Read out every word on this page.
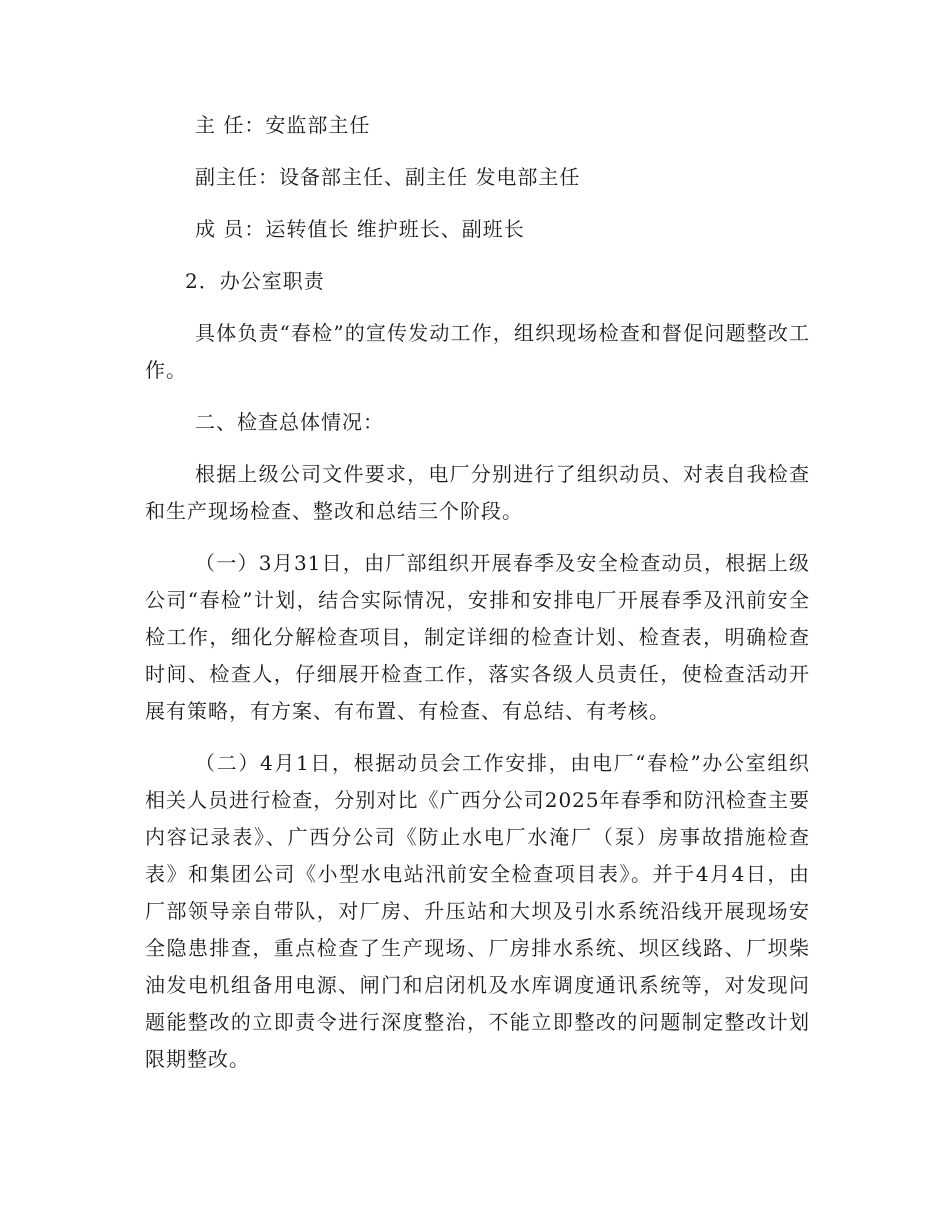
主 任：安监部主任

副主任：设备部主任、副主任 发电部主任

成 员：运转值长 维护班长、副班长

2．办公室职责

具体负责“春检”的宣传发动工作，组织现场检查和督促问题整改工作。

二、检查总体情况：

根据上级公司文件要求，电厂分别进行了组织动员、对表自我检查和生产现场检查、整改和总结三个阶段。

（一）3月31日，由厂部组织开展春季及安全检查动员，根据上级公司“春检”计划，结合实际情况，安排和安排电厂开展春季及汛前安全检工作，细化分解检查项目，制定详细的检查计划、检查表，明确检查时间、检查人，仔细展开检查工作，落实各级人员责任，使检查活动开展有策略，有方案、有布置、有检查、有总结、有考核。

（二）4月1日，根据动员会工作安排，由电厂“春检”办公室组织相关人员进行检查，分别对比《广西分公司2025年春季和防汛检查主要内容记录表》、广西分公司《防止水电厂水淹厂（泵）房事故措施检查表》和集团公司《小型水电站汛前安全检查项目表》。并于4月4日，由厂部领导亲自带队，对厂房、升压站和大坝及引水系统沿线开展现场安全隐患排查，重点检查了生产现场、厂房排水系统、坝区线路、厂坝柴油发电机组备用电源、闸门和启闭机及水库调度通讯系统等，对发现问题能整改的立即责令进行深度整治，不能立即整改的问题制定整改计划限期整改。
